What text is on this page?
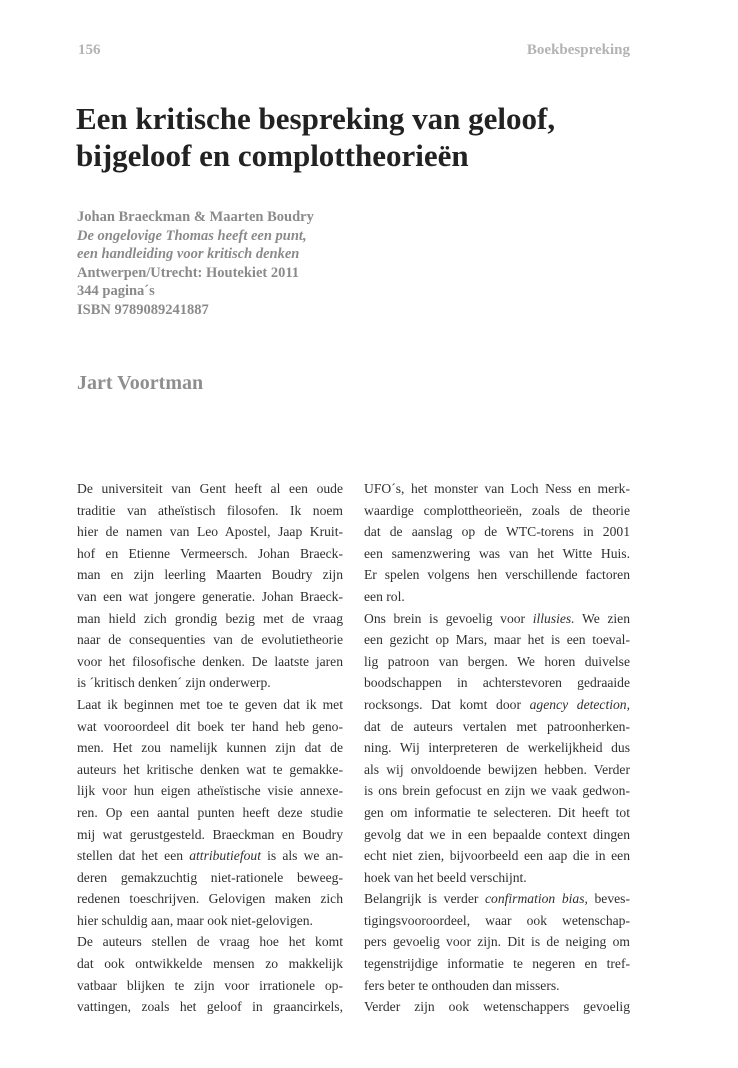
156	Boekbespreking
Een kritische bespreking van geloof,
bijgeloof en complottheorieën
Johan Braeckman & Maarten Boudry
De ongelovige Thomas heeft een punt,
een handleiding voor kritisch denken
Antwerpen/Utrecht: Houtekiet 2011
344 pagina´s
ISBN 9789089241887
Jart Voortman
De universiteit van Gent heeft al een oude
traditie van atheïstisch filosofen. Ik noem
hier de namen van Leo Apostel, Jaap Kruit-
hof en Etienne Vermeersch. Johan Braeck-
man en zijn leerling Maarten Boudry zijn
van een wat jongere generatie. Johan Braeck-
man hield zich grondig bezig met de vraag
naar de consequenties van de evolutietheorie
voor het filosofische denken. De laatste jaren
is ´kritisch denken´ zijn onderwerp.
Laat ik beginnen met toe te geven dat ik met
wat vooroordeel dit boek ter hand heb geno-
men. Het zou namelijk kunnen zijn dat de
auteurs het kritische denken wat te gemakke-
lijk voor hun eigen atheïstische visie annexe-
ren. Op een aantal punten heeft deze studie
mij wat gerustgesteld. Braeckman en Boudry
stellen dat het een attributiefout is als we an-
deren gemakzuchtig niet-rationele beweeg-
redenen toeschrijven. Gelovigen maken zich
hier schuldig aan, maar ook niet-gelovigen.
De auteurs stellen de vraag hoe het komt
dat ook ontwikkelde mensen zo makkelijk
vatbaar blijken te zijn voor irrationele op-
vattingen, zoals het geloof in graancirkels,
UFO´s, het monster van Loch Ness en merk-
waardige complottheorieën, zoals de theorie
dat de aanslag op de WTC-torens in 2001
een samenzwering was van het Witte Huis.
Er spelen volgens hen verschillende factoren
een rol.
Ons brein is gevoelig voor illusies. We zien
een gezicht op Mars, maar het is een toeval-
lig patroon van bergen. We horen duivelse
boodschappen in achterstevoren gedraaide
rocksongs. Dat komt door agency detection,
dat de auteurs vertalen met patroonherken-
ning. Wij interpreteren de werkelijkheid dus
als wij onvoldoende bewijzen hebben. Verder
is ons brein gefocust en zijn we vaak gedwon-
gen om informatie te selecteren. Dit heeft tot
gevolg dat we in een bepaalde context dingen
echt niet zien, bijvoorbeeld een aap die in een
hoek van het beeld verschijnt.
Belangrijk is verder confirmation bias, beves-
tigingsvooroordeel, waar ook wetenschap-
pers gevoelig voor zijn. Dit is de neiging om
tegenstrijdige informatie te negeren en tref-
fers beter te onthouden dan missers.
Verder zijn ook wetenschappers gevoelig
